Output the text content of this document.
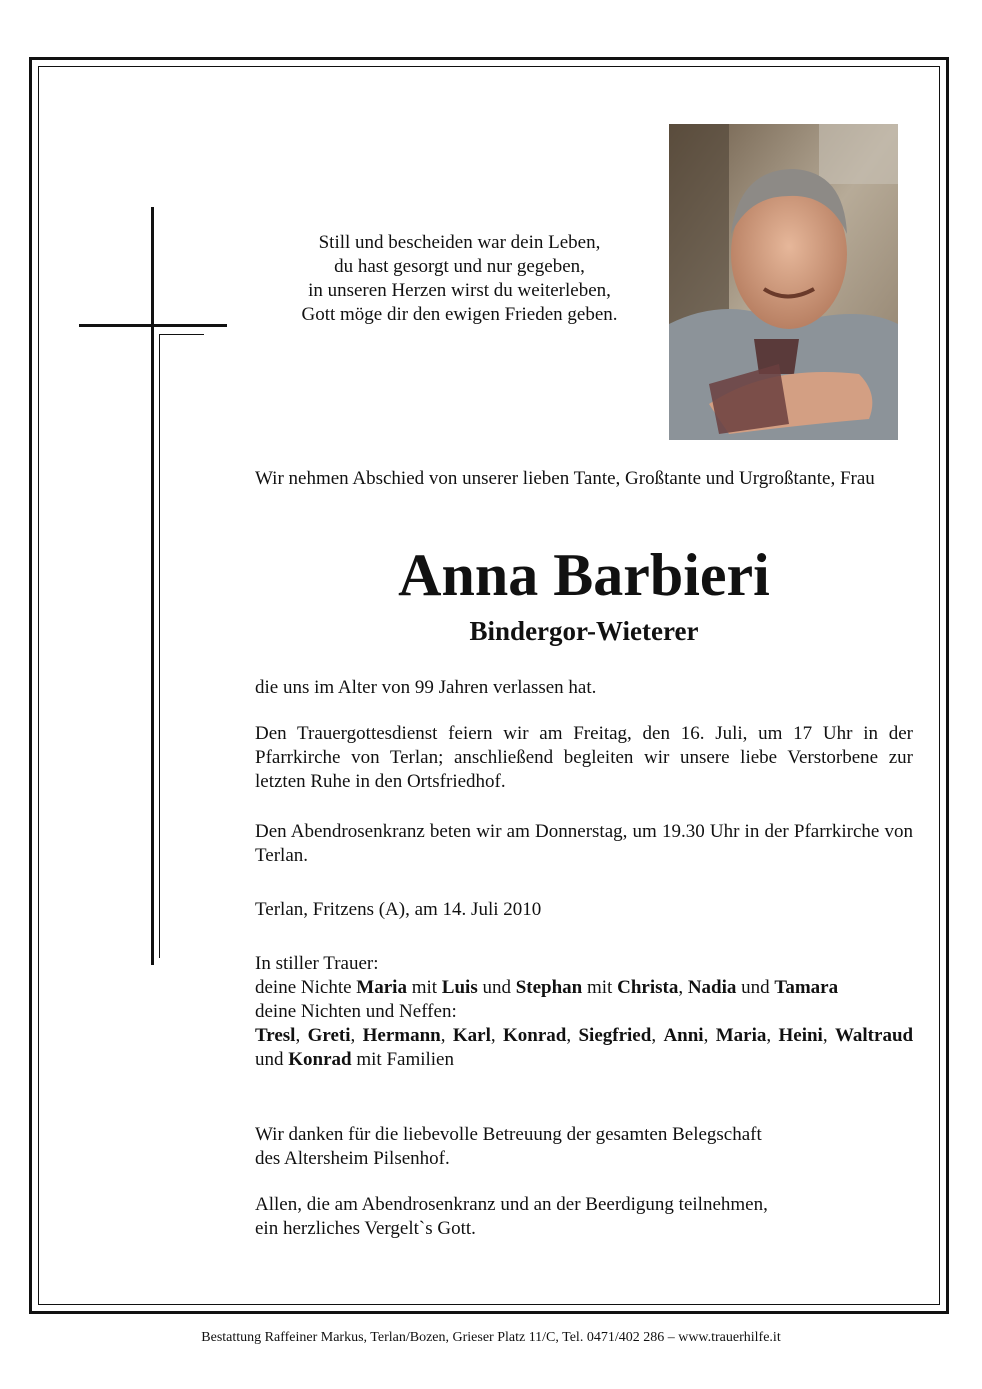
Still und bescheiden war dein Leben,
du hast gesorgt und nur gegeben,
in unseren Herzen wirst du weiterleben,
Gott möge dir den ewigen Frieden geben.
Wir nehmen Abschied von unserer lieben Tante, Großtante und Urgroßtante, Frau
Anna Barbieri
Bindergor-Wieterer
die uns im Alter von 99 Jahren verlassen hat.
Den Trauergottesdienst feiern wir am Freitag, den 16. Juli, um 17 Uhr in der Pfarrkirche von Terlan; anschließend begleiten wir unsere liebe Verstorbene zur letzten Ruhe in den Ortsfriedhof.
Den Abendrosenkranz beten wir am Donnerstag, um 19.30 Uhr in der Pfarrkirche von Terlan.
Terlan, Fritzens (A), am 14. Juli 2010
In stiller Trauer:
deine Nichte Maria mit Luis und Stephan mit Christa, Nadia und Tamara
deine Nichten und Neffen:
Tresl, Greti, Hermann, Karl, Konrad, Siegfried, Anni, Maria, Heini, Waltraud und Konrad mit Familien
Wir danken für die liebevolle Betreuung der gesamten Belegschaft
des Altersheim Pilsenhof.
Allen, die am Abendrosenkranz und an der Beerdigung teilnehmen,
ein herzliches Vergelt`s Gott.
Bestattung Raffeiner Markus, Terlan/Bozen, Grieser Platz 11/C, Tel. 0471/402 286 – www.trauerhilfe.it
